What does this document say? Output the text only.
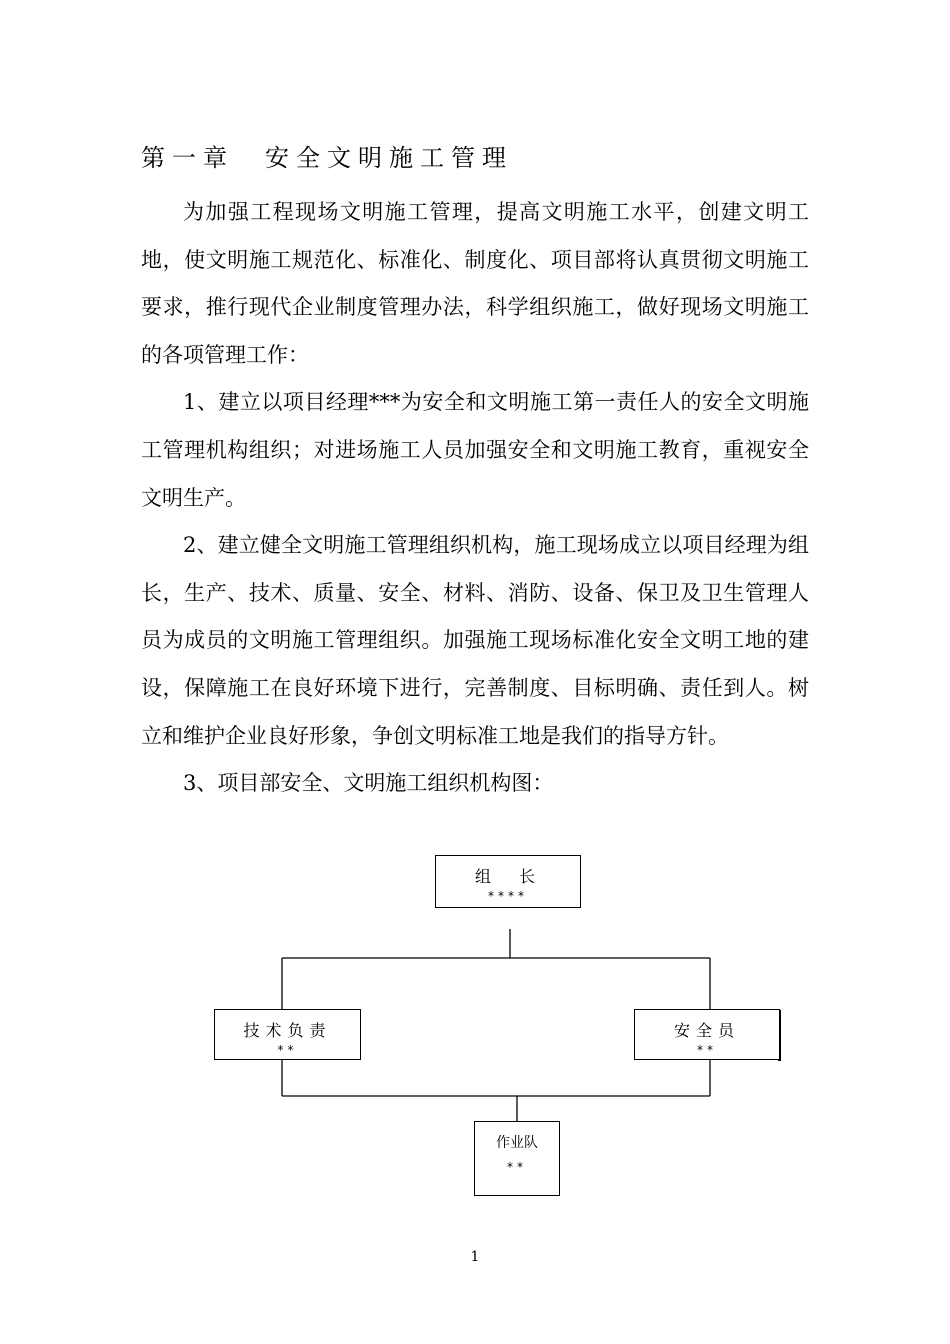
第一章　安全文明施工管理

为加强工程现场文明施工管理，提高文明施工水平，创建文明工地，使文明施工规范化、标准化、制度化、项目部将认真贯彻文明施工要求，推行现代企业制度管理办法，科学组织施工，做好现场文明施工的各项管理工作：

1、建立以项目经理***为安全和文明施工第一责任人的安全文明施工管理机构组织；对进场施工人员加强安全和文明施工教育，重视安全文明生产。

2、建立健全文明施工管理组织机构，施工现场成立以项目经理为组长，生产、技术、质量、安全、材料、消防、设备、保卫及卫生管理人员为成员的文明施工管理组织。加强施工现场标准化安全文明工地的建设，保障施工在良好环境下进行，完善制度、目标明确、责任到人。树立和维护企业良好形象，争创文明标准工地是我们的指导方针。

3、项目部安全、文明施工组织机构图：

组　长
****
技术负责
**
安全员
**
作业队
**
1
